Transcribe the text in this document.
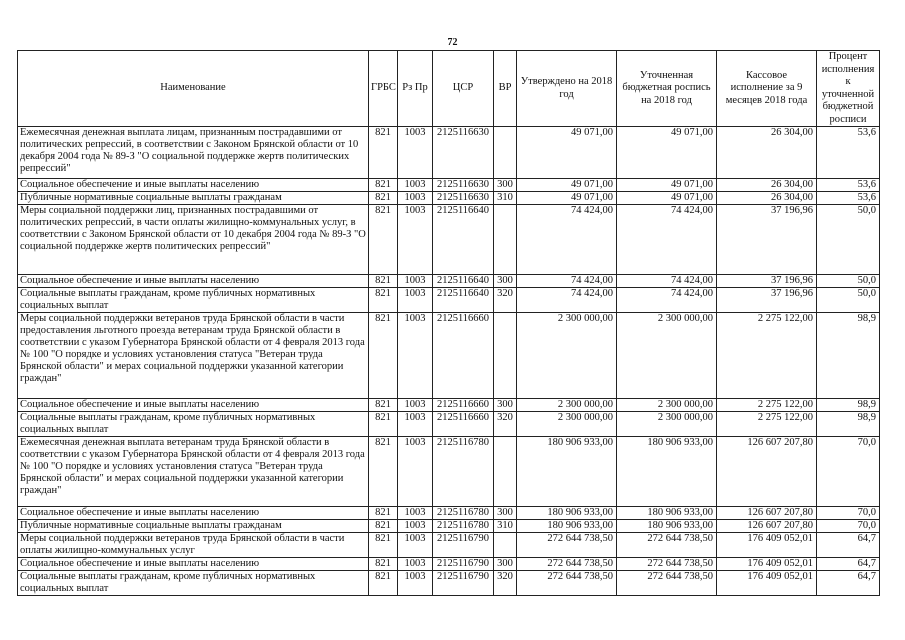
72
Наименование	ГРБС	Рз Пр	ЦСР	ВР	Утверждено на 2018 год	Уточненная бюджетная роспись на 2018 год	Кассовое исполнение за 9 месяцев 2018 года	Процент исполнения к уточненной бюджетной росписи
Ежемесячная денежная выплата лицам, признанным пострадавшими от политических репрессий, в соответствии с Законом Брянской области от 10 декабря 2004 года № 89-З "О социальной поддержке жертв политических репрессий"	821	1003	2125116630		49 071,00	49 071,00	26 304,00	53,6
Социальное обеспечение и иные выплаты населению	821	1003	2125116630	300	49 071,00	49 071,00	26 304,00	53,6
Публичные нормативные социальные выплаты гражданам	821	1003	2125116630	310	49 071,00	49 071,00	26 304,00	53,6
Меры социальной поддержки лиц, признанных пострадавшими от политических репрессий, в части оплаты жилищно-коммунальных услуг, в соответствии с Законом Брянской области от 10 декабря 2004 года № 89-З "О социальной поддержке жертв политических репрессий"	821	1003	2125116640		74 424,00	74 424,00	37 196,96	50,0
Социальное обеспечение и иные выплаты населению	821	1003	2125116640	300	74 424,00	74 424,00	37 196,96	50,0
Социальные выплаты гражданам, кроме публичных нормативных социальных выплат	821	1003	2125116640	320	74 424,00	74 424,00	37 196,96	50,0
Меры социальной поддержки ветеранов труда Брянской области в части предоставления льготного проезда ветеранам труда Брянской области в соответствии с указом Губернатора Брянской области от 4 февраля 2013 года № 100 "О порядке и условиях установления статуса "Ветеран труда Брянской области" и мерах социальной поддержки указанной категории граждан"	821	1003	2125116660		2 300 000,00	2 300 000,00	2 275 122,00	98,9
Социальное обеспечение и иные выплаты населению	821	1003	2125116660	300	2 300 000,00	2 300 000,00	2 275 122,00	98,9
Социальные выплаты гражданам, кроме публичных нормативных социальных выплат	821	1003	2125116660	320	2 300 000,00	2 300 000,00	2 275 122,00	98,9
Ежемесячная денежная выплата ветеранам труда Брянской области в соответствии с указом Губернатора Брянской области от 4 февраля 2013 года № 100 "О порядке и условиях установления статуса "Ветеран труда Брянской области" и мерах социальной поддержки указанной категории граждан"	821	1003	2125116780		180 906 933,00	180 906 933,00	126 607 207,80	70,0
Социальное обеспечение и иные выплаты населению	821	1003	2125116780	300	180 906 933,00	180 906 933,00	126 607 207,80	70,0
Публичные нормативные социальные выплаты гражданам	821	1003	2125116780	310	180 906 933,00	180 906 933,00	126 607 207,80	70,0
Меры социальной поддержки ветеранов труда Брянской области в части оплаты жилищно-коммунальных услуг	821	1003	2125116790		272 644 738,50	272 644 738,50	176 409 052,01	64,7
Социальное обеспечение и иные выплаты населению	821	1003	2125116790	300	272 644 738,50	272 644 738,50	176 409 052,01	64,7
Социальные выплаты гражданам, кроме публичных нормативных социальных выплат	821	1003	2125116790	320	272 644 738,50	272 644 738,50	176 409 052,01	64,7
